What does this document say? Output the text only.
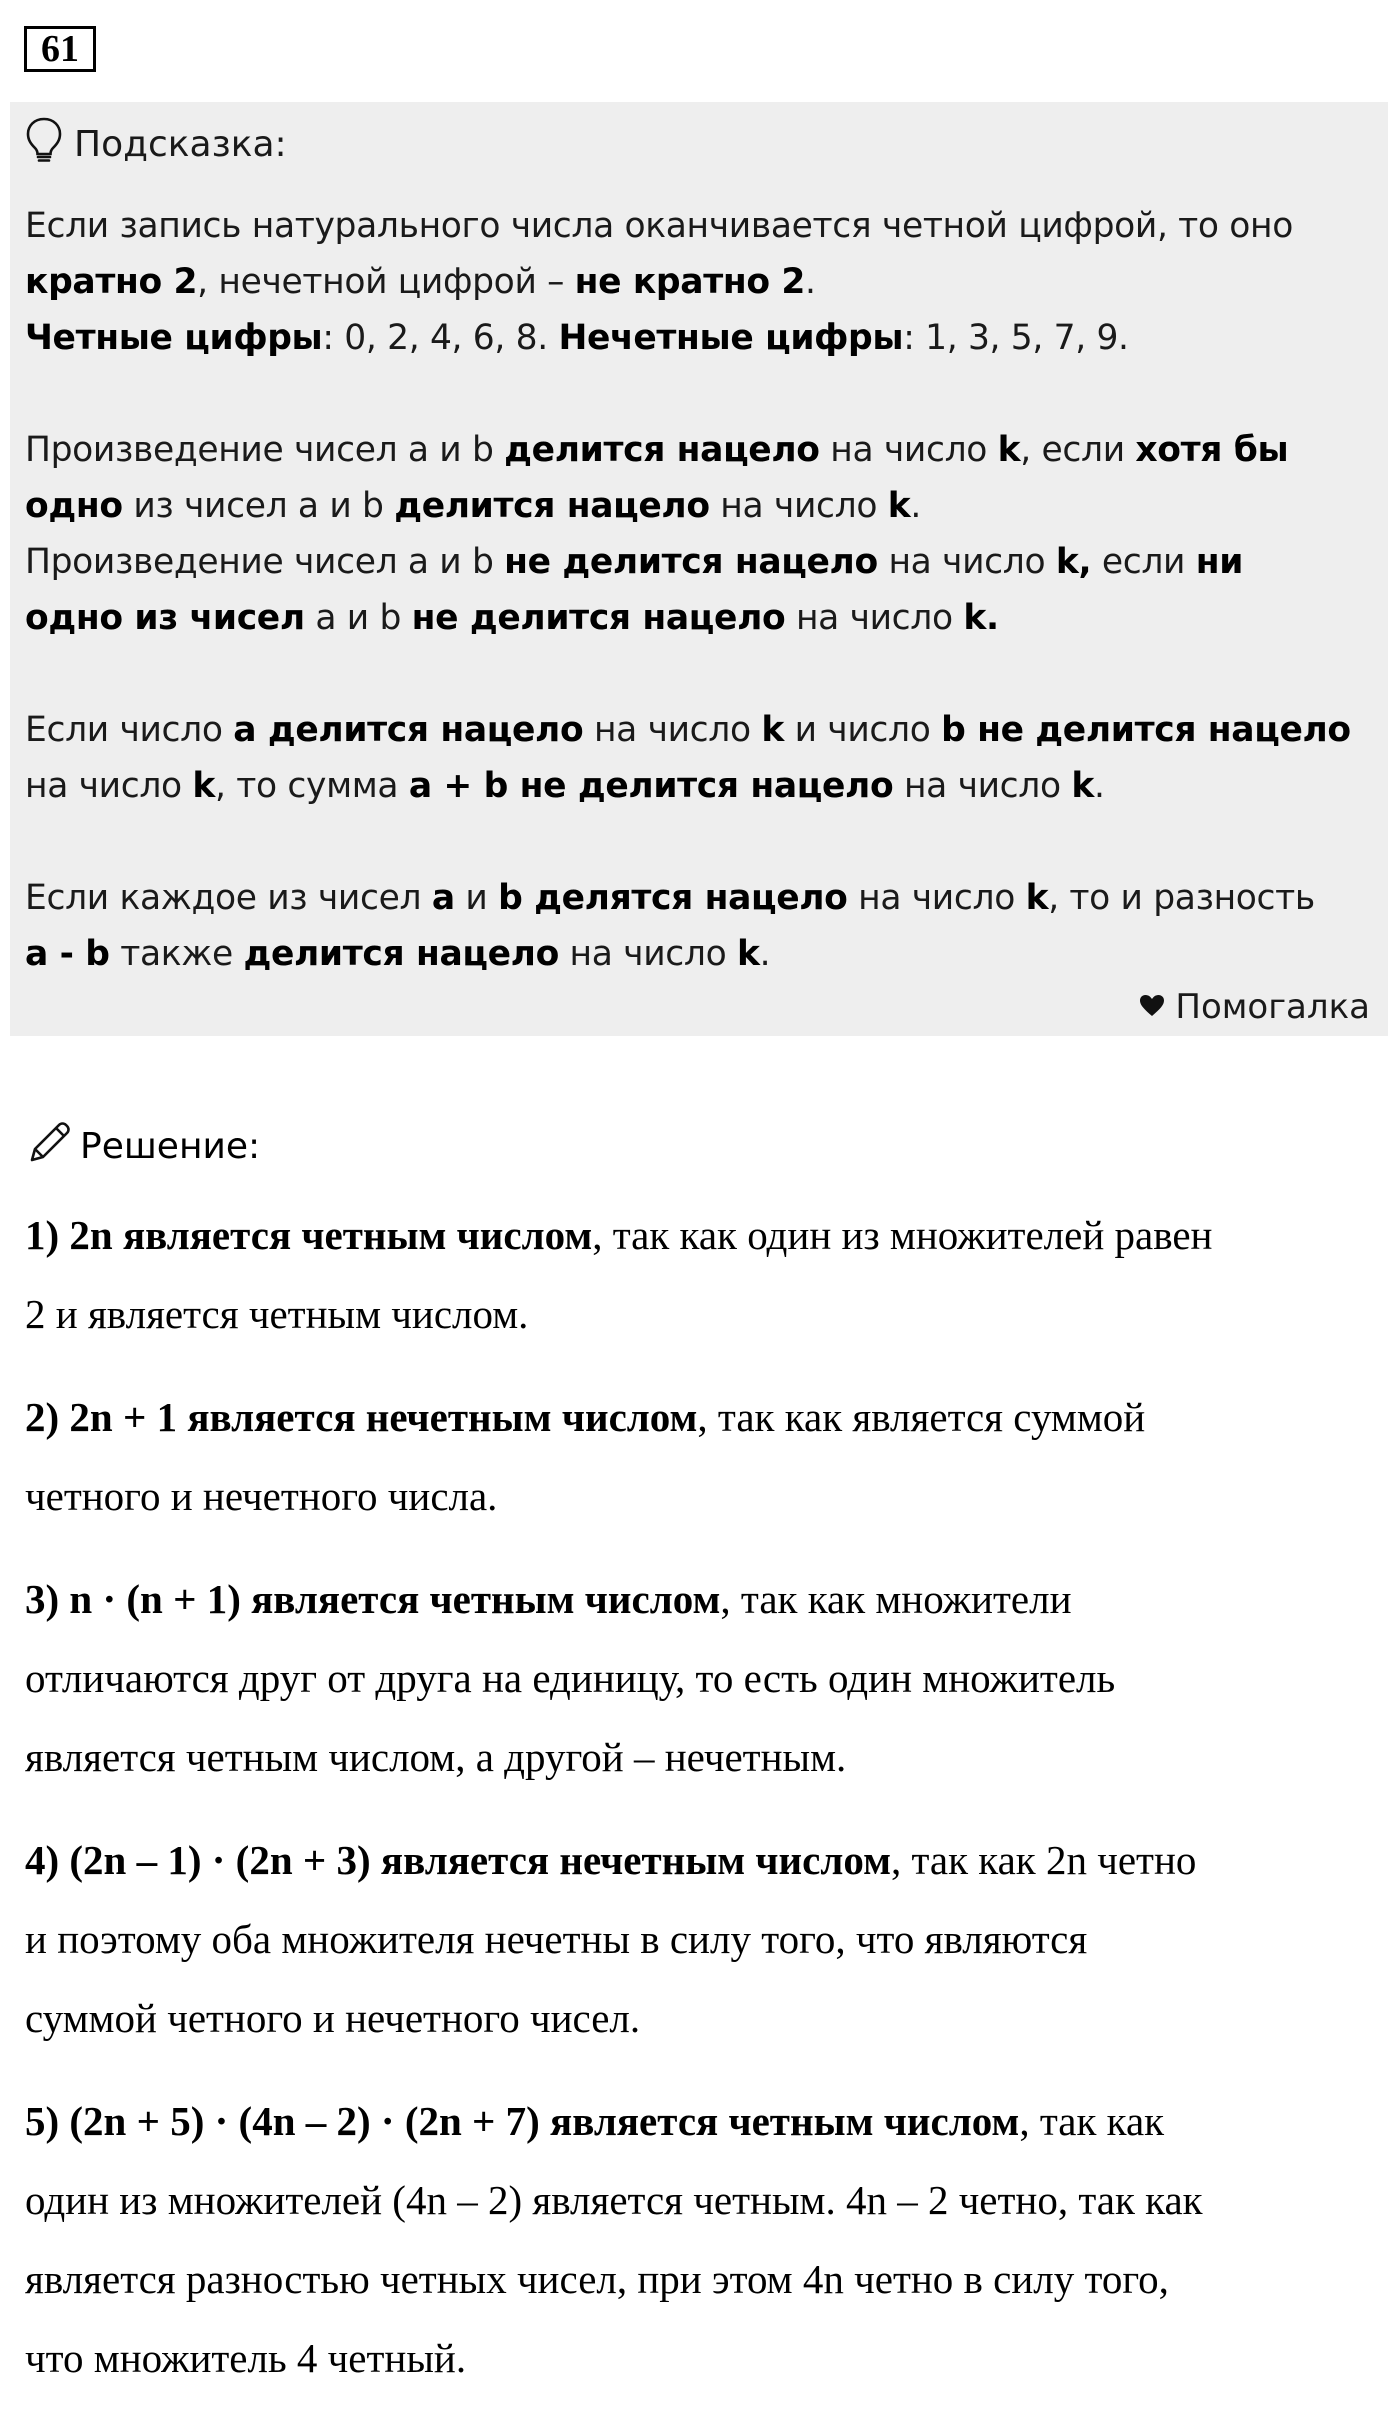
61
Подсказка:
Если запись натурального числа оканчивается четной цифрой, то оно
кратно 2, нечетной цифрой – не кратно 2.
Четные цифры: 0, 2, 4, 6, 8. Нечетные цифры: 1, 3, 5, 7, 9.
Произведение чисел a и b делится нацело на число k, если хотя бы
одно из чисел a и b делится нацело на число k.
Произведение чисел a и b не делится нацело на число k, если ни
одно из чисел a и b не делится нацело на число k.
Если число a делится нацело на число k и число b не делится нацело
на число k, то сумма a + b не делится нацело на число k.
Если каждое из чисел a и b делятся нацело на число k, то и разность
a - b также делится нацело на число k.
Помогалка
Решение:
1) 2n является четным числом, так как один из множителей равен
2 и является четным числом.
2) 2n + 1 является нечетным числом, так как является суммой
четного и нечетного числа.
3) n · (n + 1) является четным числом, так как множители
отличаются друг от друга на единицу, то есть один множитель
является четным числом, а другой – нечетным.
4) (2n – 1) · (2n + 3) является нечетным числом, так как 2n четно
и поэтому оба множителя нечетны в силу того, что являются
суммой четного и нечетного чисел.
5) (2n + 5) · (4n – 2) · (2n + 7) является четным числом, так как
один из множителей (4n – 2) является четным. 4n – 2 четно, так как
является разностью четных чисел, при этом 4n четно в силу того,
что множитель 4 четный.
